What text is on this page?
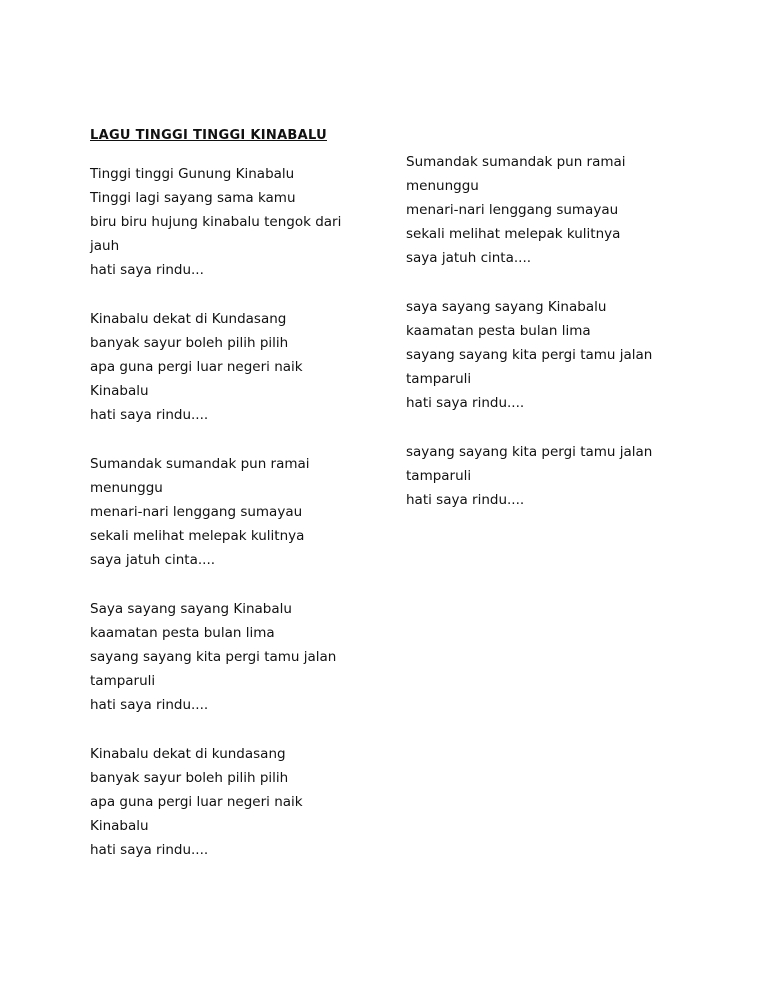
LAGU TINGGI TINGGI KINABALU
Tinggi tinggi Gunung Kinabalu
Tinggi lagi sayang sama kamu
biru biru hujung kinabalu tengok dari
jauh
hati saya rindu...
Kinabalu dekat di Kundasang
banyak sayur boleh pilih pilih
apa guna pergi luar negeri naik
Kinabalu
hati saya rindu....
Sumandak sumandak pun ramai
menunggu
menari-nari lenggang sumayau
sekali melihat melepak kulitnya
saya jatuh cinta....
Saya sayang sayang Kinabalu
kaamatan pesta bulan lima
sayang sayang kita pergi tamu jalan
tamparuli
hati saya rindu....
Kinabalu dekat di kundasang
banyak sayur boleh pilih pilih
apa guna pergi luar negeri naik
Kinabalu
hati saya rindu....
Sumandak sumandak pun ramai
menunggu
menari-nari lenggang sumayau
sekali melihat melepak kulitnya
saya jatuh cinta....
saya sayang sayang Kinabalu
kaamatan pesta bulan lima
sayang sayang kita pergi tamu jalan
tamparuli
hati saya rindu....
sayang sayang kita pergi tamu jalan
tamparuli
hati saya rindu....
